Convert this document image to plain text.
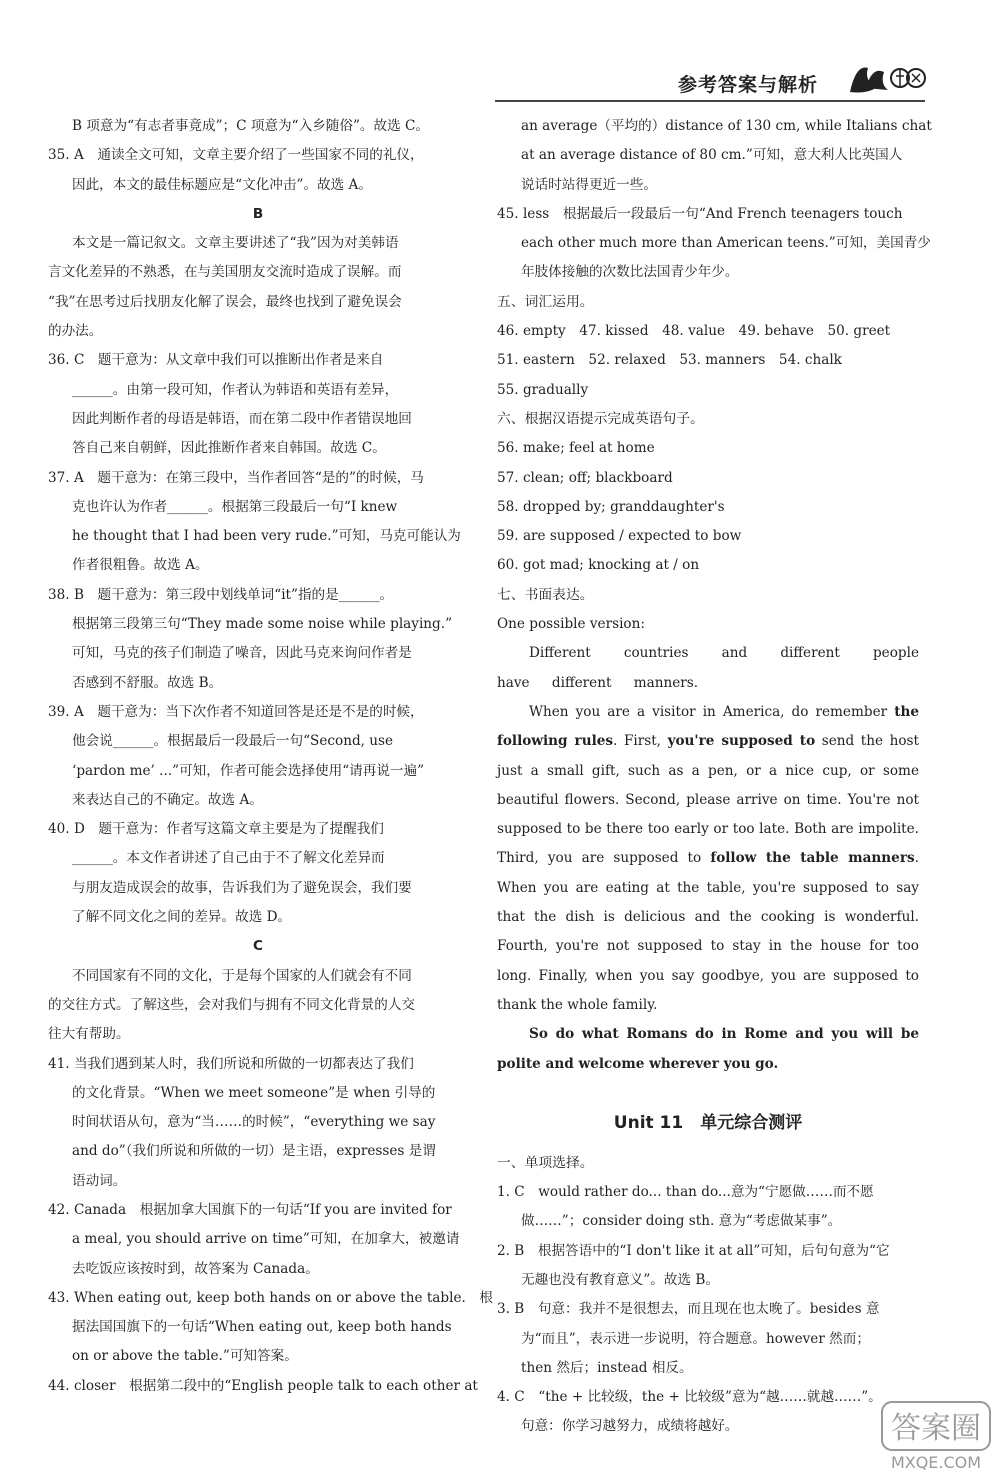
参考答案与解析
B 项意为“有志者事竟成”；C 项意为“入乡随俗”。故选 C。
35. A　通读全文可知，文章主要介绍了一些国家不同的礼仪，
因此，本文的最佳标题应是“文化冲击”。故选 A。
B
本文是一篇记叙文。文章主要讲述了“我”因为对美韩语
言文化差异的不熟悉，在与美国朋友交流时造成了误解。而
“我”在思考过后找朋友化解了误会，最终也找到了避免误会
的办法。
36. C　题干意为：从文章中我们可以推断出作者是来自
______。由第一段可知，作者认为韩语和英语有差异，
因此判断作者的母语是韩语，而在第二段中作者错误地回
答自己来自朝鲜，因此推断作者来自韩国。故选 C。
37. A　题干意为：在第三段中，当作者回答“是的”的时候，马
克也许认为作者______。根据第三段最后一句“I knew
he thought that I had been very rude.”可知，马克可能认为
作者很粗鲁。故选 A。
38. B　题干意为：第三段中划线单词“it”指的是______。
根据第三段第三句“They made some noise while playing.”
可知，马克的孩子们制造了噪音，因此马克来询问作者是
否感到不舒服。故选 B。
39. A　题干意为：当下次作者不知道回答是还是不是的时候，
他会说______。根据最后一段最后一句“Second, use
‘pardon me’ ...”可知，作者可能会选择使用“请再说一遍”
来表达自己的不确定。故选 A。
40. D　题干意为：作者写这篇文章主要是为了提醒我们
______。本文作者讲述了自己由于不了解文化差异而
与朋友造成误会的故事，告诉我们为了避免误会，我们要
了解不同文化之间的差异。故选 D。
C
不同国家有不同的文化，于是每个国家的人们就会有不同
的交往方式。了解这些，会对我们与拥有不同文化背景的人交
往大有帮助。
41. 当我们遇到某人时，我们所说和所做的一切都表达了我们
的文化背景。“When we meet someone”是 when 引导的
时间状语从句，意为“当……的时候”，“everything we say
and do”（我们所说和所做的一切）是主语，expresses 是谓
语动词。
42. Canada　根据加拿大国旗下的一句话“If you are invited for
a meal, you should arrive on time”可知，在加拿大，被邀请
去吃饭应该按时到，故答案为 Canada。
43. When eating out, keep both hands on or above the table.　根
据法国国旗下的一句话“When eating out, keep both hands
on or above the table.”可知答案。
44. closer　根据第二段中的“English people talk to each other at
an average（平均的）distance of 130 cm, while Italians chat
at an average distance of 80 cm.”可知，意大利人比英国人
说话时站得更近一些。
45. less　根据最后一段最后一句“And French teenagers touch
each other much more than American teens.”可知，美国青少
年肢体接触的次数比法国青少年少。
五、词汇运用。
46. empty　47. kissed　48. value　49. behave　50. greet
51. eastern　52. relaxed　53. manners　54. chalk
55. gradually
六、根据汉语提示完成英语句子。
56. make; feel at home
57. clean; off; blackboard
58. dropped by; granddaughter's
59. are supposed / expected to bow
60. got mad; knocking at / on
七、书面表达。
One possible version:
Different countries and different people have different manners.
When you are a visitor in America, do remember the following rules. First, you're supposed to send the host just a small gift, such as a pen, or a nice cup, or some beautiful flowers. Second, please arrive on time. You're not supposed to be there too early or too late. Both are impolite. Third, you are supposed to follow the table manners. When you are eating at the table, you're supposed to say that the dish is delicious and the cooking is wonderful. Fourth, you're not supposed to stay in the house for too long. Finally, when you say goodbye, you are supposed to thank the whole family.
So do what Romans do in Rome and you will be polite and welcome wherever you go.
Unit 11　单元综合测评
一、单项选择。
1. C　would rather do... than do...意为“宁愿做……而不愿
做……”；consider doing sth. 意为“考虑做某事”。
2. B　根据答语中的“I don't like it at all”可知，后句句意为“它
无趣也没有教育意义”。故选 B。
3. B　句意：我并不是很想去，而且现在也太晚了。besides 意
为“而且”，表示进一步说明，符合题意。however 然而；
then 然后；instead 相反。
4. C　“the + 比较级，the + 比较级”意为“越……就越……”。
句意：你学习越努力，成绩将越好。	答案圈
MXQE.COM
